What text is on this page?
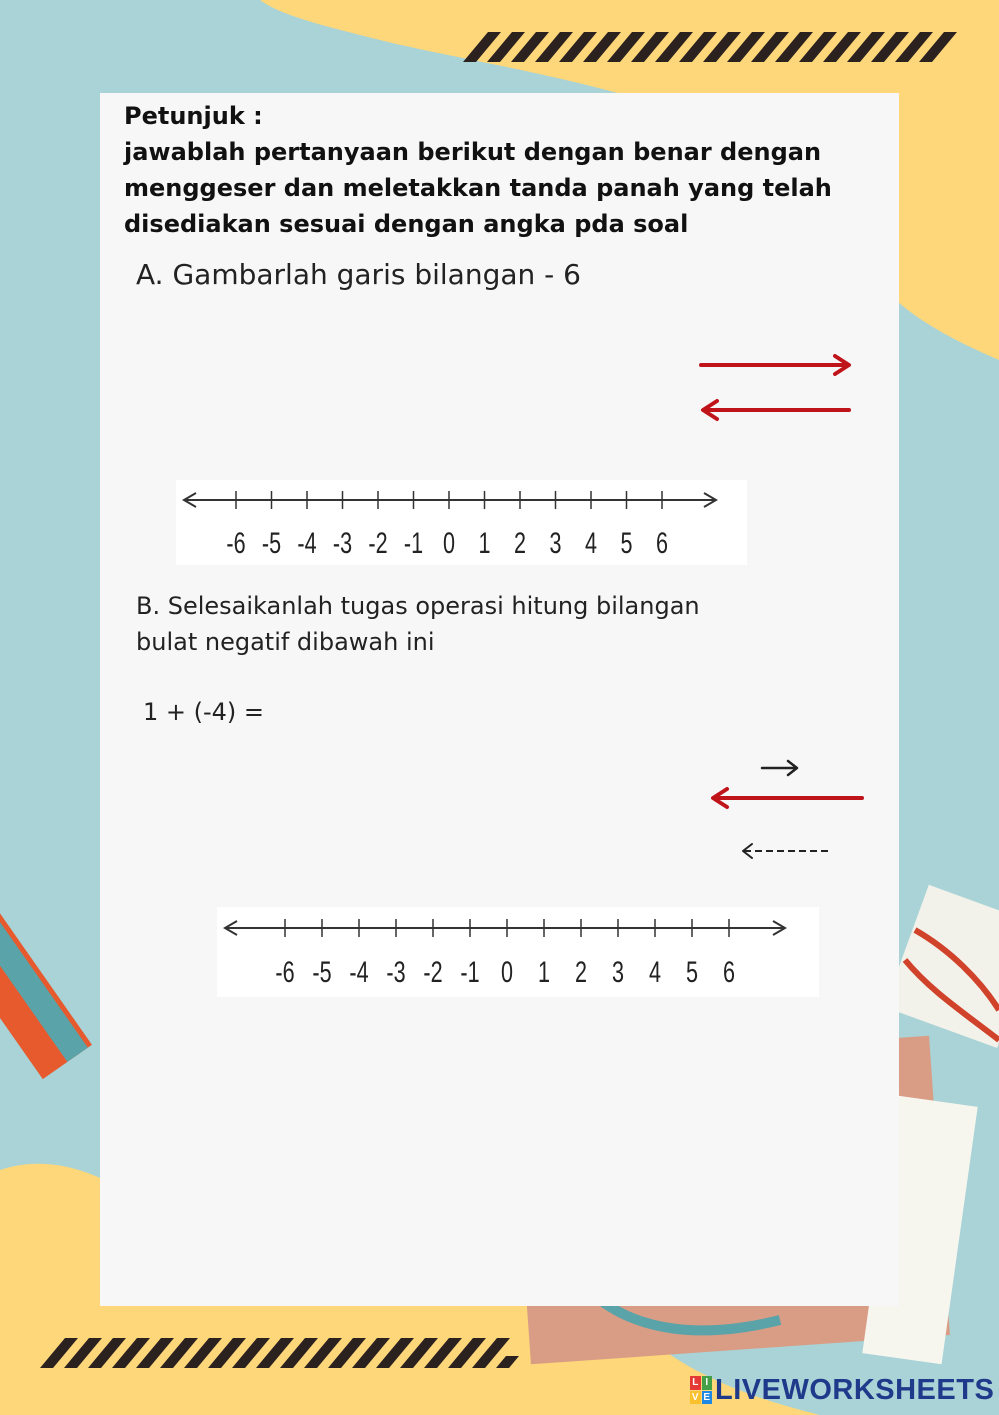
Petunjuk :
jawablah pertanyaan berikut dengan benar dengan
menggeser dan meletakkan tanda panah yang telah
disediakan sesuai dengan angka pda soal
A. Gambarlah garis bilangan - 6
-6 -5 -4 -3 -2 -1 0 1 2 3 4 5 6
B. Selesaikanlah tugas operasi hitung bilangan
bulat negatif dibawah ini
1 + (-4) =
-6 -5 -4 -3 -2 -1 0 1 2 3 4 5 6
L I
V E LIVEWORKSHEETS
